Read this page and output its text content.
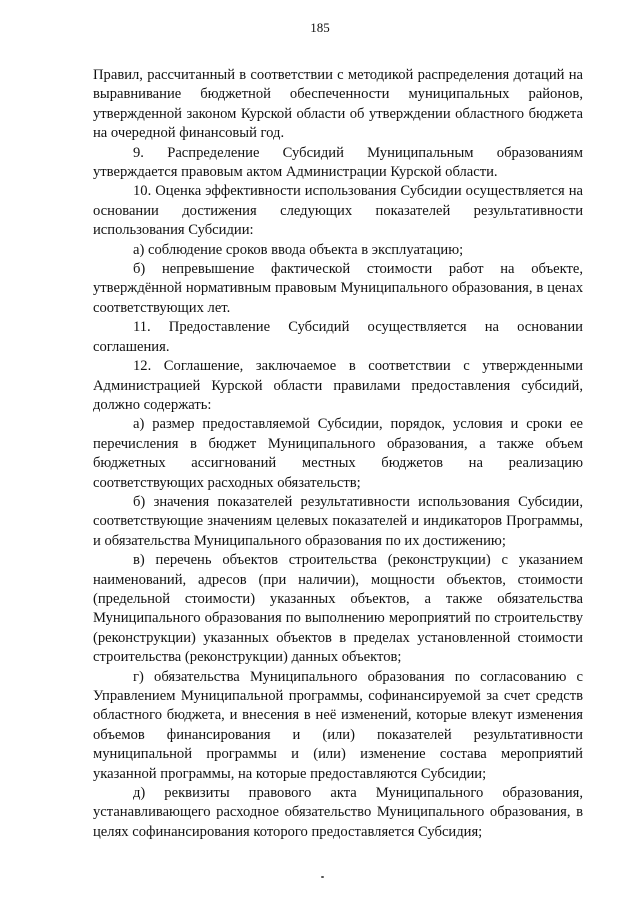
185

Правил, рассчитанный в соответствии с методикой распределения дотаций на выравнивание бюджетной обеспеченности муниципальных районов, утвержденной законом Курской области об утверждении областного бюджета на очередной финансовый год.

9. Распределение Субсидий Муниципальным образованиям утверждается правовым актом Администрации Курской области.

10. Оценка эффективности использования Субсидии осуществляется на основании достижения следующих показателей результативности использования Субсидии:

а) соблюдение сроков ввода объекта в эксплуатацию;

б) непревышение фактической стоимости работ на объекте, утверждённой нормативным правовым Муниципального образования, в ценах соответствующих лет.

11. Предоставление Субсидий осуществляется на основании соглашения.

12. Соглашение, заключаемое в соответствии с утвержденными Администрацией Курской области правилами предоставления субсидий, должно содержать:

а) размер предоставляемой Субсидии, порядок, условия и сроки ее перечисления в бюджет Муниципального образования, а также объем бюджетных ассигнований местных бюджетов на реализацию соответствующих расходных обязательств;

б) значения показателей результативности использования Субсидии, соответствующие значениям целевых показателей и индикаторов Программы, и обязательства Муниципального образования по их достижению;

в) перечень объектов строительства (реконструкции) с указанием наименований, адресов (при наличии), мощности объектов, стоимости (предельной стоимости) указанных объектов, а также обязательства Муниципального образования по выполнению мероприятий по строительству (реконструкции) указанных объектов в пределах установленной стоимости строительства (реконструкции) данных объектов;

г) обязательства Муниципального образования по согласованию с Управлением Муниципальной программы, софинансируемой за счет средств областного бюджета, и внесения в неё изменений, которые влекут изменения объемов финансирования и (или) показателей результативности муниципальной программы и (или) изменение состава мероприятий указанной программы, на которые предоставляются Субсидии;

д) реквизиты правового акта Муниципального образования, устанавливающего расходное обязательство Муниципального образования, в целях софинансирования которого предоставляется Субсидия;
